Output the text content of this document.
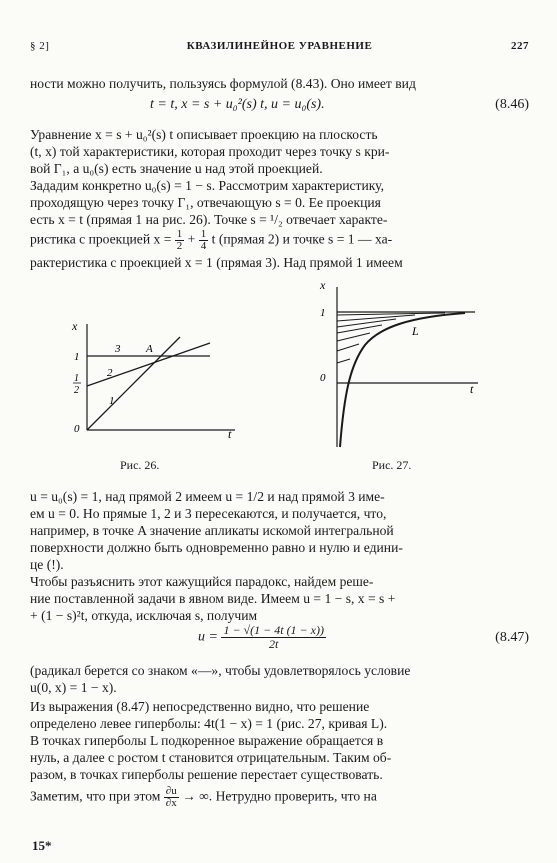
§ 2]	КВАЗИЛИНЕЙНОЕ УРАВНЕНИЕ	227
ности можно получить, пользуясь формулой (8.43). Оно имеет вид
t = t, x = s + u₀²(s) t, u = u₀(s).	(8.46)
Уравнение x = s + u₀²(s) t описывает проекцию на плоскость
(t, x) той характеристики, которая проходит через точку s кри-
вой Γ₁, а u₀(s) есть значение u над этой проекцией.
Зададим конкретно u₀(s) = 1 − s. Рассмотрим характеристику,
проходящую через точку Γ₁, отвечающую s = 0. Ее проекция
есть x = t (прямая 1 на рис. 26). Точке s = ¹/₂ отвечает характе-
ристика с проекцией $x = \frac{1}{2} + \frac{1}{4}$ t (прямая 2) и точке s = 1 — ха-
рактеристика с проекцией x = 1 (прямая 3). Над прямой 1 имеем
x
t
1
1
2
0
1
2
3 A
Рис. 26.
x
t
1
0
L
Рис. 27.
u = u₀(s) = 1, над прямой 2 имеем u = 1/2 и над прямой 3 име-
ем u = 0. Но прямые 1, 2 и 3 пересекаются, и получается, что,
например, в точке A значение апликаты искомой интегральной
поверхности должно быть одновременно равно и нулю и едини-
це (!).
Чтобы разъяснить этот кажущийся парадокс, найдем реше-
ние поставленной задачи в явном виде. Имеем u = 1 − s, x = s +
+ (1 − s)²t, откуда, исключая s, получим
$u = \frac{1 - √(1 - 4t (1 - x))}{2t}$	(8.47)
(радикал берется со знаком «—», чтобы удовлетворялось условие
u(0, x) = 1 − x).
Из выражения (8.47) непосредственно видно, что решение
определено левее гиперболы: 4t(1 − x) = 1 (рис. 27, кривая L).
В точках гиперболы L подкоренное выражение обращается в
нуль, а далее с ростом t становится отрицательным. Таким об-
разом, в точках гиперболы решение перестает существовать.
Заметим, что при этом $\frac{\partial u}{\partial x}$ → ∞. Нетрудно проверить, что на
15*
